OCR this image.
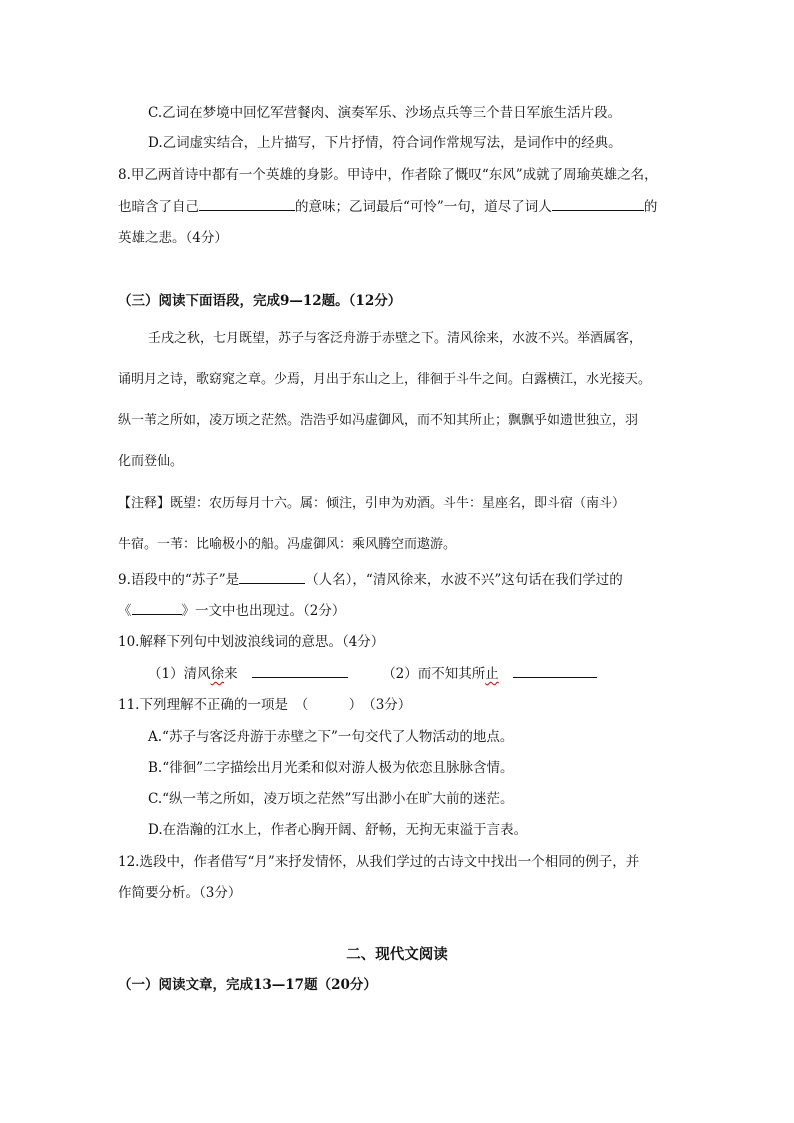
C.乙词在梦境中回忆军营餐肉、演奏军乐、沙场点兵等三个昔日军旅生活片段。
D.乙词虚实结合，上片描写，下片抒情，符合词作常规写法，是词作中的经典。
8.甲乙两首诗中都有一个英雄的身影。甲诗中，作者除了慨叹“东风”成就了周瑜英雄之名，
也暗含了自己	的意味；乙词最后“可怜”一句，道尽了词人	的
英雄之悲。（4分）
（三）阅读下面语段，完成9—12题。（12分）
壬戌之秋，七月既望，苏子与客泛舟游于赤壁之下。清风徐来，水波不兴。举酒属客，
诵明月之诗，歌窈窕之章。少焉，月出于东山之上，徘徊于斗牛之间。白露横江，水光接天。
纵一苇之所如，凌万顷之茫然。浩浩乎如冯虚御风，而不知其所止；飘飘乎如遗世独立，羽
化而登仙。
【注释】既望：农历每月十六。属：倾注，引申为劝酒。斗牛：星座名，即斗宿（南斗）
牛宿。一苇：比喻极小的船。冯虚御风：乘风腾空而遨游。
9.语段中的“苏子”是	（人名），“清风徐来，水波不兴”这句话在我们学过的
《	》一文中也出现过。（2分）
10.解释下列句中划波浪线词的意思。（4分）
（1）清风徐来	（2）而不知其所止
11.下列理解不正确的一项是　（　　　）　（3分）
A.“苏子与客泛舟游于赤壁之下”一句交代了人物活动的地点。
B.“徘徊”二字描绘出月光柔和似对游人极为依恋且脉脉含情。
C.“纵一苇之所如，凌万顷之茫然”写出渺小在旷大前的迷茫。
D.在浩瀚的江水上，作者心胸开阔、舒畅，无拘无束溢于言表。
12.选段中，作者借写“月”来抒发情怀，从我们学过的古诗文中找出一个相同的例子，并
作简要分析。（3分）
二、现代文阅读
（一）阅读文章，完成13—17题（20分）
